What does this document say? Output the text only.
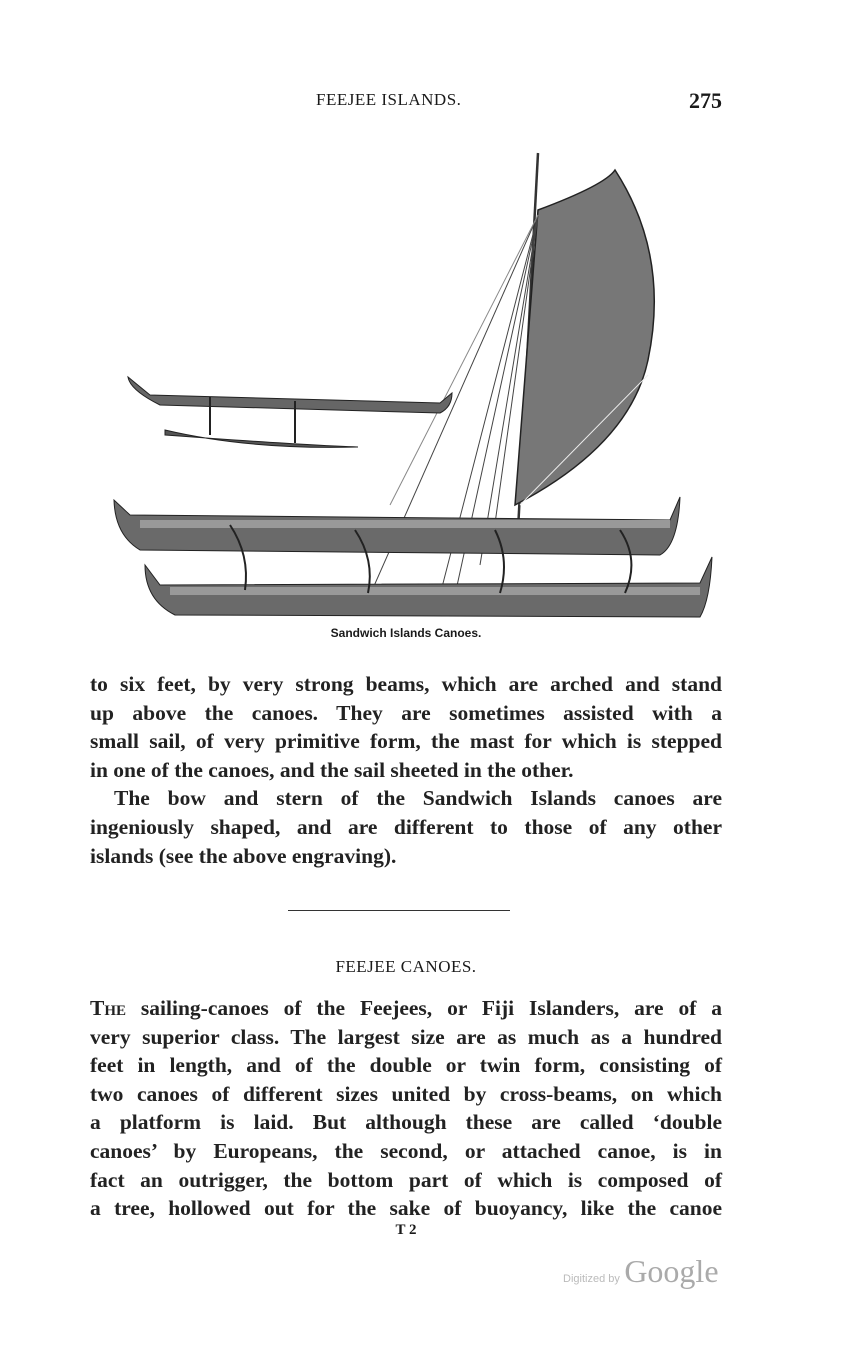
FEEJEE ISLANDS.	275
Sandwich Islands Canoes.
to six feet, by very strong beams, which are arched and stand
up above the canoes. They are sometimes assisted with a
small sail, of very primitive form, the mast for which is stepped
in one of the canoes, and the sail sheeted in the other.
The bow and stern of the Sandwich Islands canoes are
ingeniously shaped, and are different to those of any other
islands (see the above engraving).
FEEJEE CANOES.
The sailing-canoes of the Feejees, or Fiji Islanders, are of a
very superior class. The largest size are as much as a hundred
feet in length, and of the double or twin form, consisting of
two canoes of different sizes united by cross-beams, on which
a platform is laid. But although these are called ‘double
canoes’ by Europeans, the second, or attached canoe, is in
fact an outrigger, the bottom part of which is composed of
a tree, hollowed out for the sake of buoyancy, like the canoe
T 2
Digitized by Google
